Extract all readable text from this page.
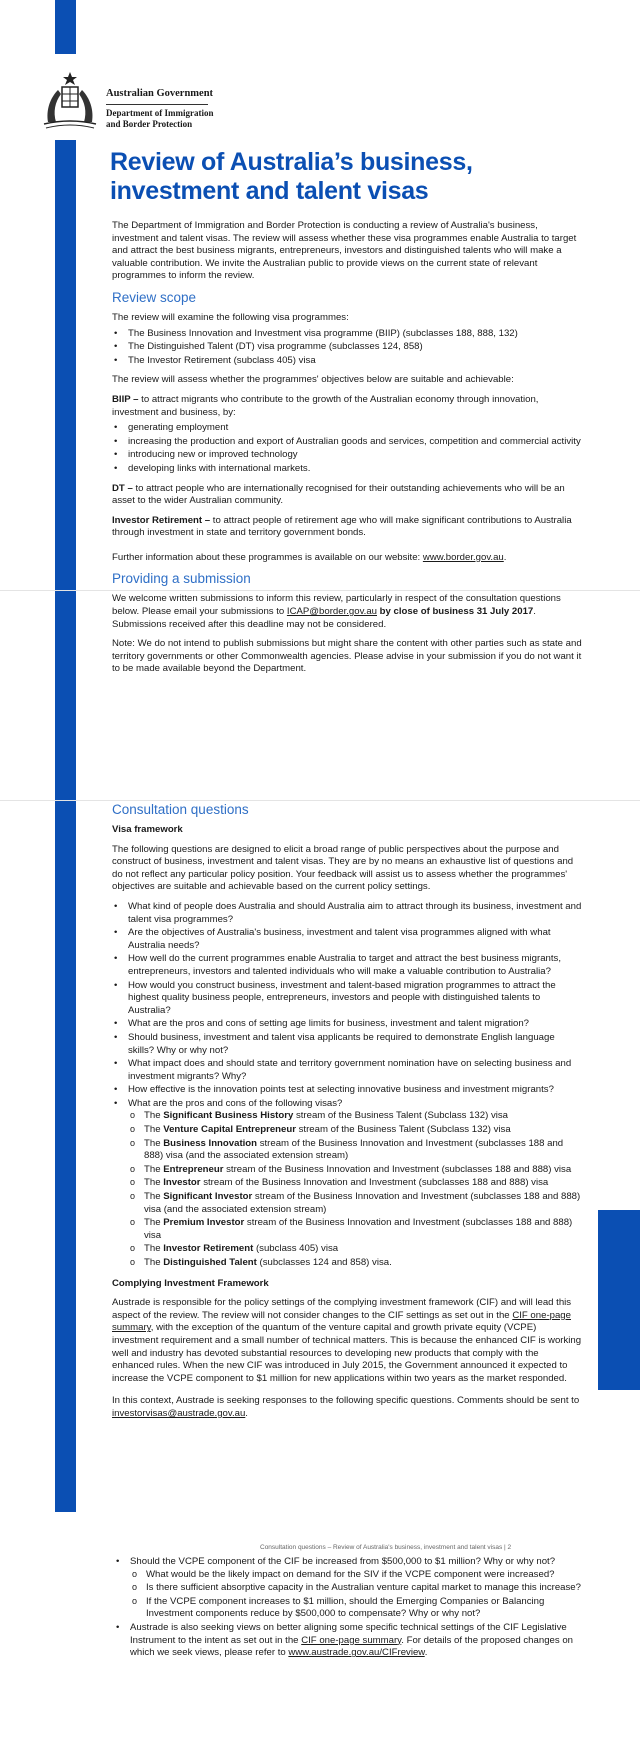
Australian Government
Department of Immigration
and Border Protection
Review of Australia’s business, investment and talent visas

The Department of Immigration and Border Protection is conducting a review of Australia's business, investment and talent visas. The review will assess whether these visa programmes enable Australia to target and attract the best business migrants, entrepreneurs, investors and distinguished talents who will make a valuable contribution. We invite the Australian public to provide views on the current state of relevant programmes to inform the review.

Review scope

The review will examine the following visa programmes:

• The Business Innovation and Investment visa programme (BIIP) (subclasses 188, 888, 132)
• The Distinguished Talent (DT) visa programme (subclasses 124, 858)
• The Investor Retirement (subclass 405) visa

The review will assess whether the programmes' objectives below are suitable and achievable:

BIIP – to attract migrants who contribute to the growth of the Australian economy through innovation, investment and business, by:

• generating employment
• increasing the production and export of Australian goods and services, competition and commercial activity
• introducing new or improved technology
• developing links with international markets.

DT – to attract people who are internationally recognised for their outstanding achievements who will be an asset to the wider Australian community.

Investor Retirement – to attract people of retirement age who will make significant contributions to Australia through investment in state and territory government bonds.

Further information about these programmes is available on our website: www.border.gov.au.

Providing a submission

We welcome written submissions to inform this review, particularly in respect of the consultation questions below. Please email your submissions to ICAP@border.gov.au by close of business 31 July 2017. Submissions received after this deadline may not be considered.

Note: We do not intend to publish submissions but might share the content with other parties such as state and territory governments or other Commonwealth agencies. Please advise in your submission if you do not want it to be made available beyond the Department.

Consultation questions

Visa framework

The following questions are designed to elicit a broad range of public perspectives about the purpose and construct of business, investment and talent visas. They are by no means an exhaustive list of questions and do not reflect any particular policy position. Your feedback will assist us to assess whether the programmes' objectives are suitable and achievable based on the current policy settings.

• What kind of people does Australia and should Australia aim to attract through its business, investment and talent visa programmes?
• Are the objectives of Australia's business, investment and talent visa programmes aligned with what Australia needs?
• How well do the current programmes enable Australia to target and attract the best business migrants, entrepreneurs, investors and talented individuals who will make a valuable contribution to Australia?
• How would you construct business, investment and talent-based migration programmes to attract the highest quality business people, entrepreneurs, investors and people with distinguished talents to Australia?
• What are the pros and cons of setting age limits for business, investment and talent migration?
• Should business, investment and talent visa applicants be required to demonstrate English language skills? Why or why not?
• What impact does and should state and territory government nomination have on selecting business and investment migrants? Why?
• How effective is the innovation points test at selecting innovative business and investment migrants?
• What are the pros and cons of the following visas?
o The Significant Business History stream of the Business Talent (Subclass 132) visa
o The Venture Capital Entrepreneur stream of the Business Talent (Subclass 132) visa
o The Business Innovation stream of the Business Innovation and Investment (subclasses 188 and 888) visa (and the associated extension stream)
o The Entrepreneur stream of the Business Innovation and Investment (subclasses 188 and 888) visa
o The Investor stream of the Business Innovation and Investment (subclasses 188 and 888) visa
o The Significant Investor stream of the Business Innovation and Investment (subclasses 188 and 888) visa (and the associated extension stream)
o The Premium Investor stream of the Business Innovation and Investment (subclasses 188 and 888) visa
o The Investor Retirement (subclass 405) visa
o The Distinguished Talent (subclasses 124 and 858) visa.

Complying Investment Framework

Austrade is responsible for the policy settings of the complying investment framework (CIF) and will lead this aspect of the review. The review will not consider changes to the CIF settings as set out in the CIF one-page summary, with the exception of the quantum of the venture capital and growth private equity (VCPE) investment requirement and a small number of technical matters. This is because the enhanced CIF is working well and industry has devoted substantial resources to developing new products that comply with the enhanced rules. When the new CIF was introduced in July 2015, the Government announced it expected to increase the VCPE component to $1 million for new applications within two years as the market responded.

In this context, Austrade is seeking responses to the following specific questions. Comments should be sent to investorvisas@austrade.gov.au.

Consultation questions – Review of Australia's business, investment and talent visas | 2
• Should the VCPE component of the CIF be increased from $500,000 to $1 million? Why or why not?
o What would be the likely impact on demand for the SIV if the VCPE component were increased?
o Is there sufficient absorptive capacity in the Australian venture capital market to manage this increase?
o If the VCPE component increases to $1 million, should the Emerging Companies or Balancing Investment components reduce by $500,000 to compensate? Why or why not?
• Austrade is also seeking views on better aligning some specific technical settings of the CIF Legislative Instrument to the intent as set out in the CIF one-page summary. For details of the proposed changes on which we seek views, please refer to www.austrade.gov.au/CIFreview.
